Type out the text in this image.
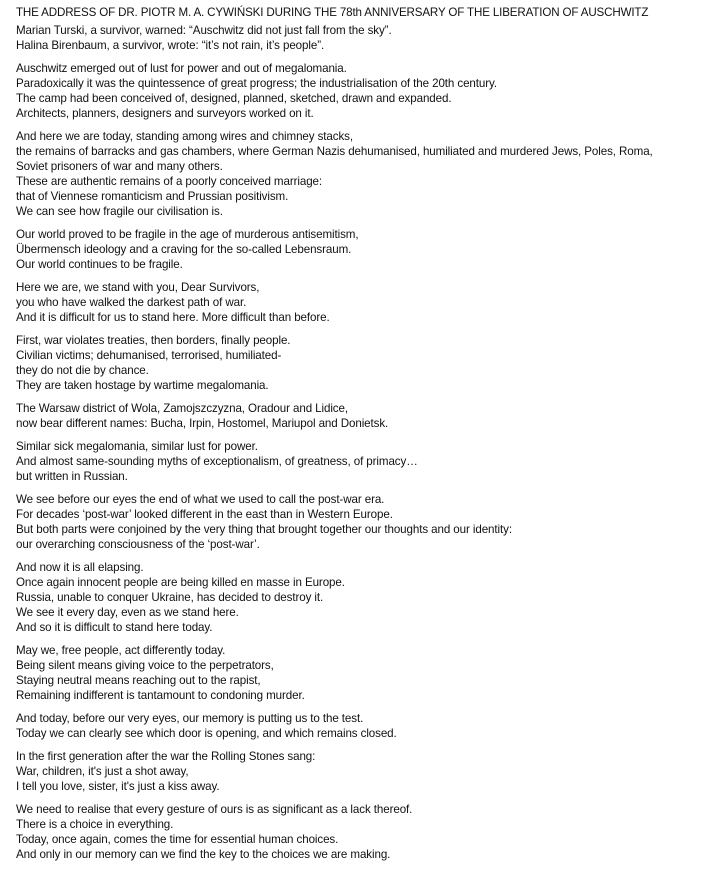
THE ADDRESS OF DR. PIOTR M. A. CYWIŃSKI DURING THE 78th ANNIVERSARY OF THE LIBERATION OF AUSCHWITZ
Marian Turski, a survivor, warned: “Auschwitz did not just fall from the sky”.
Halina Birenbaum, a survivor, wrote: “it’s not rain, it’s people”.
Auschwitz emerged out of lust for power and out of megalomania.
Paradoxically it was the quintessence of great progress; the industrialisation of the 20th century.
The camp had been conceived of, designed, planned, sketched, drawn and expanded.
Architects, planners, designers and surveyors worked on it.
And here we are today, standing among wires and chimney stacks,
the remains of barracks and gas chambers, where German Nazis dehumanised, humiliated and murdered Jews, Poles, Roma,
Soviet prisoners of war and many others.
These are authentic remains of a poorly conceived marriage:
that of Viennese romanticism and Prussian positivism.
We can see how fragile our civilisation is.
Our world proved to be fragile in the age of murderous antisemitism,
Übermensch ideology and a craving for the so-called Lebensraum.
Our world continues to be fragile.
Here we are, we stand with you, Dear Survivors,
you who have walked the darkest path of war.
And it is difficult for us to stand here. More difficult than before.
First, war violates treaties, then borders, finally people.
Civilian victims; dehumanised, terrorised, humiliated-
they do not die by chance.
They are taken hostage by wartime megalomania.
The Warsaw district of Wola, Zamojszczyzna, Oradour and Lidice,
now bear different names: Bucha, Irpin, Hostomel, Mariupol and Donietsk.
Similar sick megalomania, similar lust for power.
And almost same-sounding myths of exceptionalism, of greatness, of primacy…
but written in Russian.
We see before our eyes the end of what we used to call the post-war era.
For decades ‘post-war’ looked different in the east than in Western Europe.
But both parts were conjoined by the very thing that brought together our thoughts and our identity:
our overarching consciousness of the ‘post-war’.
And now it is all elapsing.
Once again innocent people are being killed en masse in Europe.
Russia, unable to conquer Ukraine, has decided to destroy it.
We see it every day, even as we stand here.
And so it is difficult to stand here today.
May we, free people, act differently today.
Being silent means giving voice to the perpetrators,
Staying neutral means reaching out to the rapist,
Remaining indifferent is tantamount to condoning murder.
And today, before our very eyes, our memory is putting us to the test.
Today we can clearly see which door is opening, and which remains closed.
In the first generation after the war the Rolling Stones sang:
War, children, it's just a shot away,
I tell you love, sister, it's just a kiss away.
We need to realise that every gesture of ours is as significant as a lack thereof.
There is a choice in everything.
Today, once again, comes the time for essential human choices.
And only in our memory can we find the key to the choices we are making.
